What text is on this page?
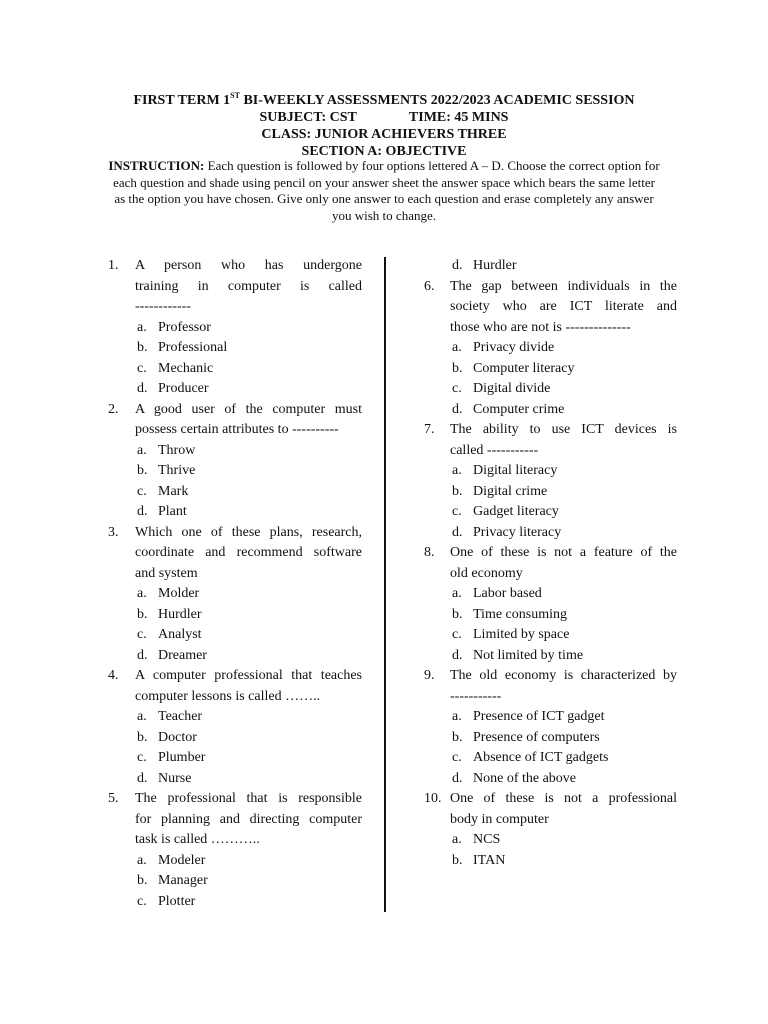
FIRST TERM 1ST BI-WEEKLY ASSESSMENTS 2022/2023 ACADEMIC SESSION
SUBJECT: CST	TIME: 45 MINS
CLASS: JUNIOR ACHIEVERS THREE
SECTION A: OBJECTIVE
INSTRUCTION: Each question is followed by four options lettered A – D. Choose the correct option for
each question and shade using pencil on your answer sheet the answer space which bears the same letter
as the option you have chosen. Give only one answer to each question and erase completely any answer
you wish to change.
1. A person who has undergone
training in computer is called
------------
a. Professor
b. Professional
c. Mechanic
d. Producer
2. A good user of the computer must
possess certain attributes to ----------
a. Throw
b. Thrive
c. Mark
d. Plant
3. Which one of these plans, research,
coordinate and recommend software
and system
a. Molder
b. Hurdler
c. Analyst
d. Dreamer
4. A computer professional that teaches
computer lessons is called ……..
a. Teacher
b. Doctor
c. Plumber
d. Nurse
5. The professional that is responsible
for planning and directing computer
task is called ………..
a. Modeler
b. Manager
c. Plotter
d. Hurdler
6. The gap between individuals in the
society who are ICT literate and
those who are not is --------------
a. Privacy divide
b. Computer literacy
c. Digital divide
d. Computer crime
7. The ability to use ICT devices is
called -----------
a. Digital literacy
b. Digital crime
c. Gadget literacy
d. Privacy literacy
8. One of these is not a feature of the
old economy
a. Labor based
b. Time consuming
c. Limited by space
d. Not limited by time
9. The old economy is characterized by
-----------
a. Presence of ICT gadget
b. Presence of computers
c. Absence of ICT gadgets
d. None of the above
10. One of these is not a professional
body in computer
a. NCS
b. ITAN
